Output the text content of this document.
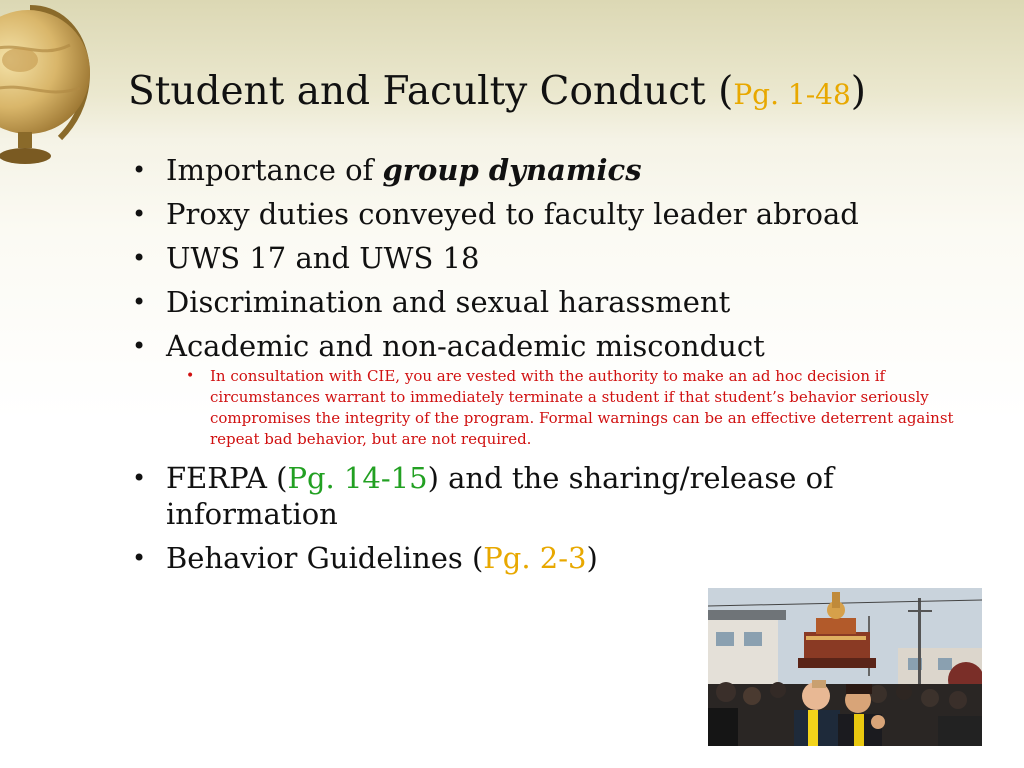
Student and Faculty Conduct (Pg. 1-48)
• Importance of group dynamics
• Proxy duties conveyed to faculty leader abroad
• UWS 17 and UWS 18
• Discrimination and sexual harassment
• Academic and non-academic misconduct
• In consultation with CIE, you are vested with the authority to make an ad hoc decision if circumstances warrant to immediately terminate a student if that student’s behavior seriously compromises the integrity of the program. Formal warnings can be an effective deterrent against repeat bad behavior, but are not required.
• FERPA (Pg. 14-15) and the sharing/release of information
• Behavior Guidelines (Pg. 2-3)
